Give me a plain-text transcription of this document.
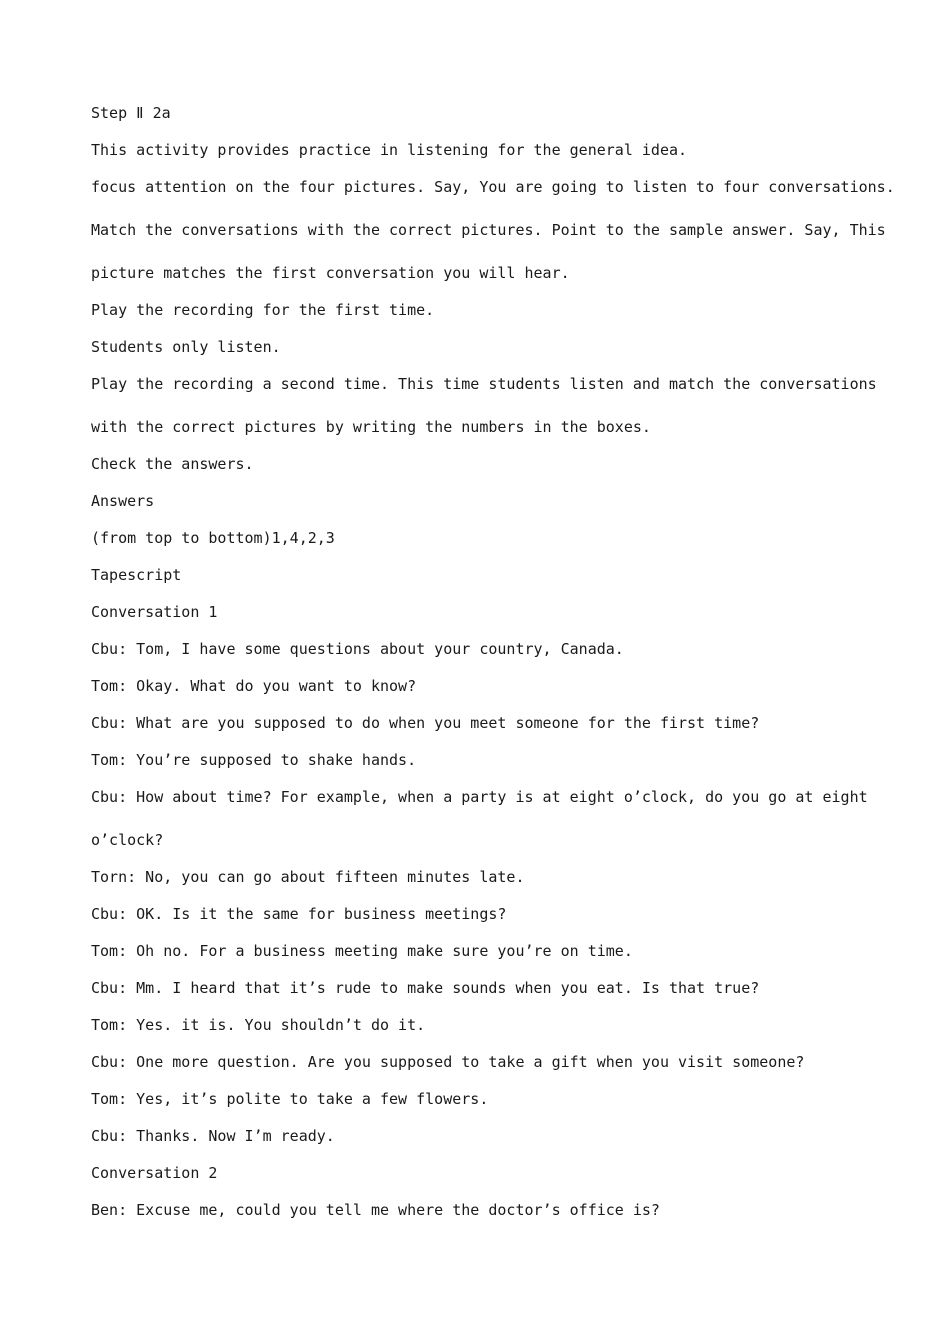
Step Ⅱ 2a
This activity provides practice in listening for the general idea.
focus attention on the four pictures. Say, You are going to listen to four conversations.
Match the conversations with the correct pictures. Point to the sample answer. Say, This
picture matches the first conversation you will hear.
Play the recording for the first time.
Students only listen.
Play the recording a second time. This time students listen and match the conversations
with the correct pictures by writing the numbers in the boxes.
Check the answers.
Answers
(from top to bottom)1,4,2,3
Tapescript
Conversation 1
Cbu: Tom, I have some questions about your country, Canada.
Tom: Okay. What do you want to know?
Cbu: What are you supposed to do when you meet someone for the first time?
Tom: You’re supposed to shake hands.
Cbu: How about time? For example, when a party is at eight o’clock, do you go at eight
o’clock?
Torn: No, you can go about fifteen minutes late.
Cbu: OK. Is it the same for business meetings?
Tom: Oh no. For a business meeting make sure you’re on time.
Cbu: Mm. I heard that it’s rude to make sounds when you eat. Is that true?
Tom: Yes. it is. You shouldn’t do it.
Cbu: One more question. Are you supposed to take a gift when you visit someone?
Tom: Yes, it’s polite to take a few flowers.
Cbu: Thanks. Now I’m ready.
Conversation 2
Ben: Excuse me, could you tell me where the doctor’s office is?
